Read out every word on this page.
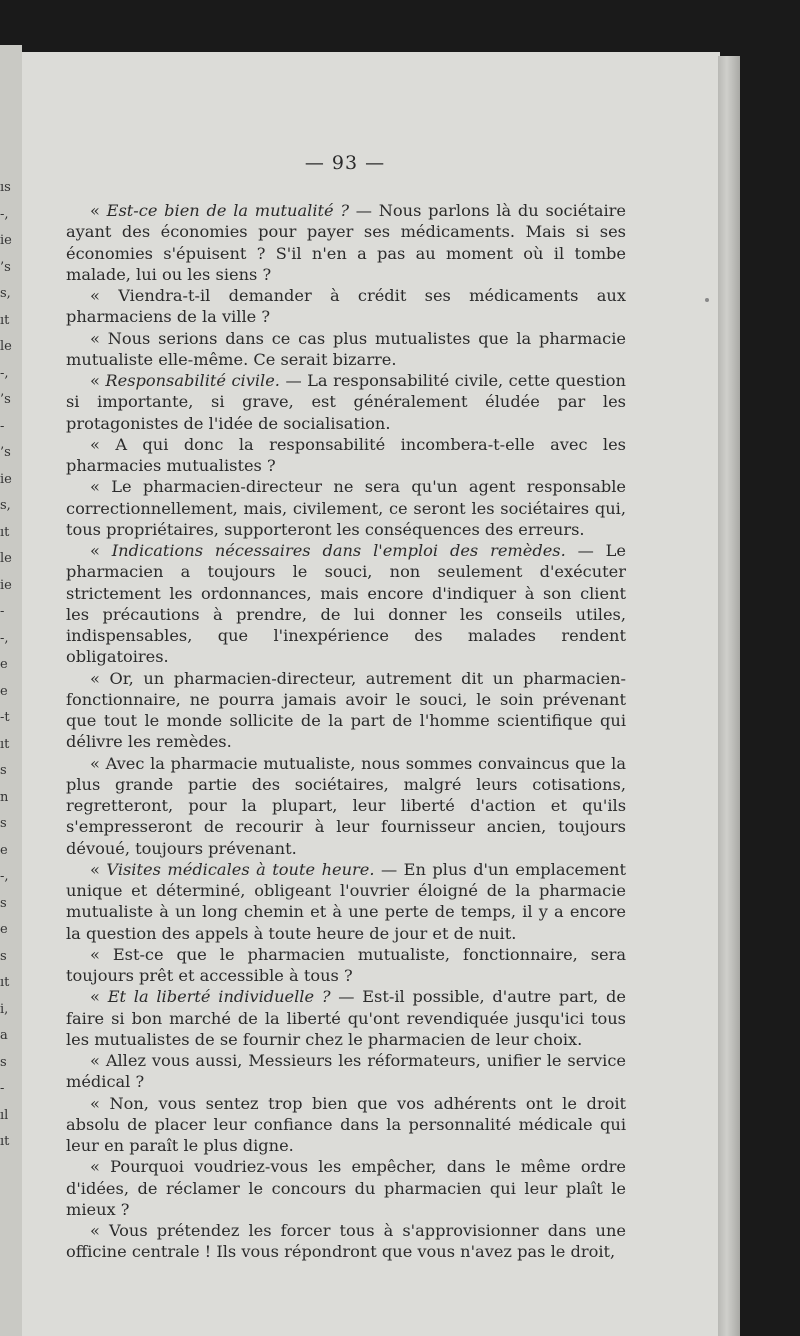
ıs
-,
ie
’s
s,
ıt
le
-,
’s
-
’s
ie
s,
ıt
le
ie
-
-,
e
e
-t
ıt
s
n
s
e
-,
s
e
s
ıt
i,
a
s
-
ıl
ıt
— 93 —

« Est-ce bien de la mutualité ? — Nous parlons là du sociétaire ayant des économies pour payer ses médicaments. Mais si ses économies s'épuisent ? S'il n'en a pas au moment où il tombe malade, lui ou les siens ?

« Viendra-t-il demander à crédit ses médicaments aux pharmaciens de la ville ?

« Nous serions dans ce cas plus mutualistes que la pharmacie mutualiste elle-même. Ce serait bizarre.

« Responsabilité civile. — La responsabilité civile, cette question si importante, si grave, est généralement éludée par les protagonistes de l'idée de socialisation.

« A qui donc la responsabilité incombera-t-elle avec les pharmacies mutualistes ?

« Le pharmacien-directeur ne sera qu'un agent responsable correctionnellement, mais, civilement, ce seront les sociétaires qui, tous propriétaires, supporteront les conséquences des erreurs.

« Indications nécessaires dans l'emploi des remèdes. — Le pharmacien a toujours le souci, non seulement d'exécuter strictement les ordonnances, mais encore d'indiquer à son client les précautions à prendre, de lui donner les conseils utiles, indispensables, que l'inexpérience des malades rendent obligatoires.

« Or, un pharmacien-directeur, autrement dit un pharmacien-fonctionnaire, ne pourra jamais avoir le souci, le soin prévenant que tout le monde sollicite de la part de l'homme scientifique qui délivre les remèdes.

« Avec la pharmacie mutualiste, nous sommes convaincus que la plus grande partie des sociétaires, malgré leurs cotisations, regretteront, pour la plupart, leur liberté d'action et qu'ils s'empresseront de recourir à leur fournisseur ancien, toujours dévoué, toujours prévenant.

« Visites médicales à toute heure. — En plus d'un emplacement unique et déterminé, obligeant l'ouvrier éloigné de la pharmacie mutualiste à un long chemin et à une perte de temps, il y a encore la question des appels à toute heure de jour et de nuit.

« Est-ce que le pharmacien mutualiste, fonctionnaire, sera toujours prêt et accessible à tous ?

« Et la liberté individuelle ? — Est-il possible, d'autre part, de faire si bon marché de la liberté qu'ont revendiquée jusqu'ici tous les mutualistes de se fournir chez le pharmacien de leur choix.

« Allez vous aussi, Messieurs les réformateurs, unifier le service médical ?

« Non, vous sentez trop bien que vos adhérents ont le droit absolu de placer leur confiance dans la personnalité médicale qui leur en paraît le plus digne.

« Pourquoi voudriez-vous les empêcher, dans le même ordre d'idées, de réclamer le concours du pharmacien qui leur plaît le mieux ?

« Vous prétendez les forcer tous à s'approvisionner dans une officine centrale ! Ils vous répondront que vous n'avez pas le droit,
